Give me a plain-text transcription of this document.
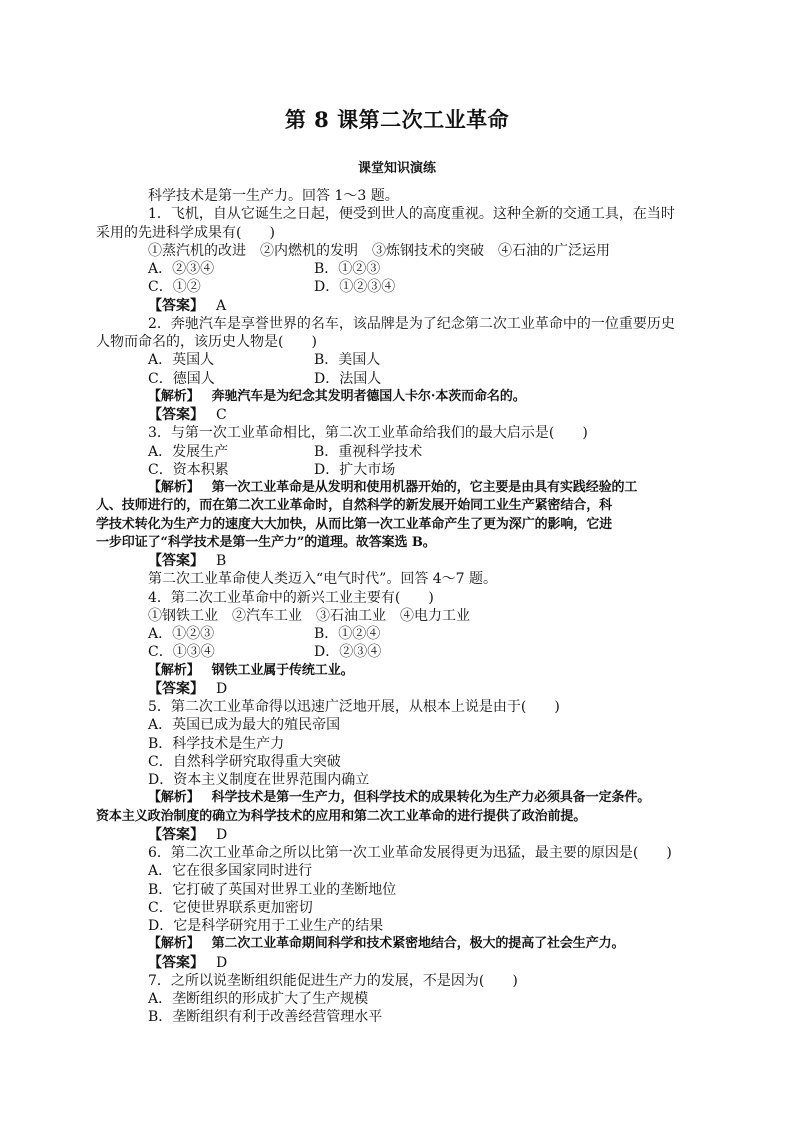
第 8 课第二次工业革命
课堂知识演练
科学技术是第一生产力。回答 1～3 题。
1．飞机，自从它诞生之日起，便受到世人的高度重视。这种全新的交通工具，在当时
采用的先进科学成果有(　　)
①蒸汽机的改进　②内燃机的发明　③炼钢技术的突破　④石油的广泛运用
A．②③④	B．①②③
C．①②	D．①②③④
【答案】 A
2．奔驰汽车是享誉世界的名车，该品牌是为了纪念第二次工业革命中的一位重要历史
人物而命名的，该历史人物是(　　)
A．英国人	B．美国人
C．德国人	D．法国人
【解析】 奔驰汽车是为纪念其发明者德国人卡尔·本茨而命名的。
【答案】 C
3．与第一次工业革命相比，第二次工业革命给我们的最大启示是(　　)
A．发展生产	B．重视科学技术
C．资本积累	D．扩大市场
【解析】 第一次工业革命是从发明和使用机器开始的，它主要是由具有实践经验的工
人、技师进行的，而在第二次工业革命时，自然科学的新发展开始同工业生产紧密结合，科
学技术转化为生产力的速度大大加快，从而比第一次工业革命产生了更为深广的影响，它进
一步印证了“科学技术是第一生产力”的道理。故答案选 B。
【答案】 B
第二次工业革命使人类迈入“电气时代”。回答 4～7 题。
4．第二次工业革命中的新兴工业主要有(　　)
①钢铁工业　②汽车工业　③石油工业　④电力工业
A．①②③	B．①②④
C．①③④	D．②③④
【解析】 钢铁工业属于传统工业。
【答案】 D
5．第二次工业革命得以迅速广泛地开展，从根本上说是由于(　　)
A．英国已成为最大的殖民帝国
B．科学技术是生产力
C．自然科学研究取得重大突破
D．资本主义制度在世界范围内确立
【解析】 科学技术是第一生产力，但科学技术的成果转化为生产力必须具备一定条件。
资本主义政治制度的确立为科学技术的应用和第二次工业革命的进行提供了政治前提。
【答案】 D
6．第二次工业革命之所以比第一次工业革命发展得更为迅猛，最主要的原因是(　　)
A．它在很多国家同时进行
B．它打破了英国对世界工业的垄断地位
C．它使世界联系更加密切
D．它是科学研究用于工业生产的结果
【解析】 第二次工业革命期间科学和技术紧密地结合，极大的提高了社会生产力。
【答案】 D
7．之所以说垄断组织能促进生产力的发展，不是因为(　　)
A．垄断组织的形成扩大了生产规模
B．垄断组织有利于改善经营管理水平
